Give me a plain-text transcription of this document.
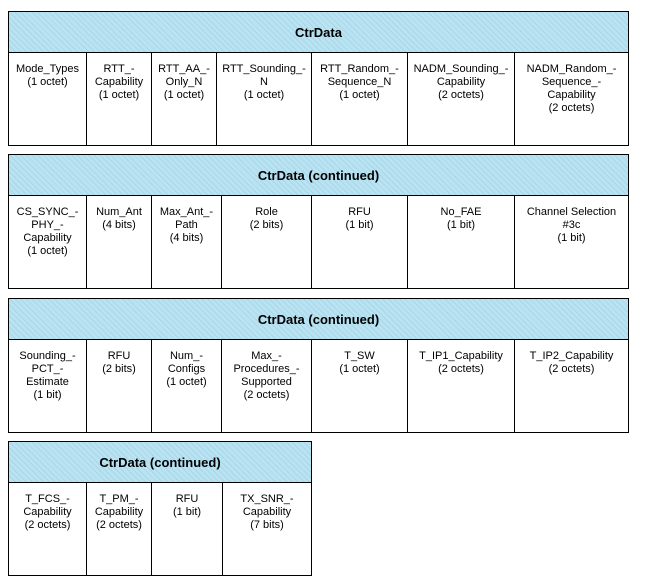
CtrData
Mode_Types
(1 octet)
RTT_-
Capability
(1 octet)
RTT_AA_-
Only_N
(1 octet)
RTT_Sounding_-
N
(1 octet)
RTT_Random_-
Sequence_N
(1 octet)
NADM_Sounding_-
Capability
(2 octets)
NADM_Random_-
Sequence_-
Capability
(2 octets)
CtrData (continued)
CS_SYNC_-
PHY_-
Capability
(1 octet)
Num_Ant
(4 bits)
Max_Ant_-
Path
(4 bits)
Role
(2 bits)
RFU
(1 bit)
No_FAE
(1 bit)
Channel Selection
#3c
(1 bit)
CtrData (continued)
Sounding_-
PCT_-
Estimate
(1 bit)
RFU
(2 bits)
Num_-
Configs
(1 octet)
Max_-
Procedures_-
Supported
(2 octets)
T_SW
(1 octet)
T_IP1_Capability
(2 octets)
T_IP2_Capability
(2 octets)
CtrData (continued)
T_FCS_-
Capability
(2 octets)
T_PM_-
Capability
(2 octets)
RFU
(1 bit)
TX_SNR_-
Capability
(7 bits)
